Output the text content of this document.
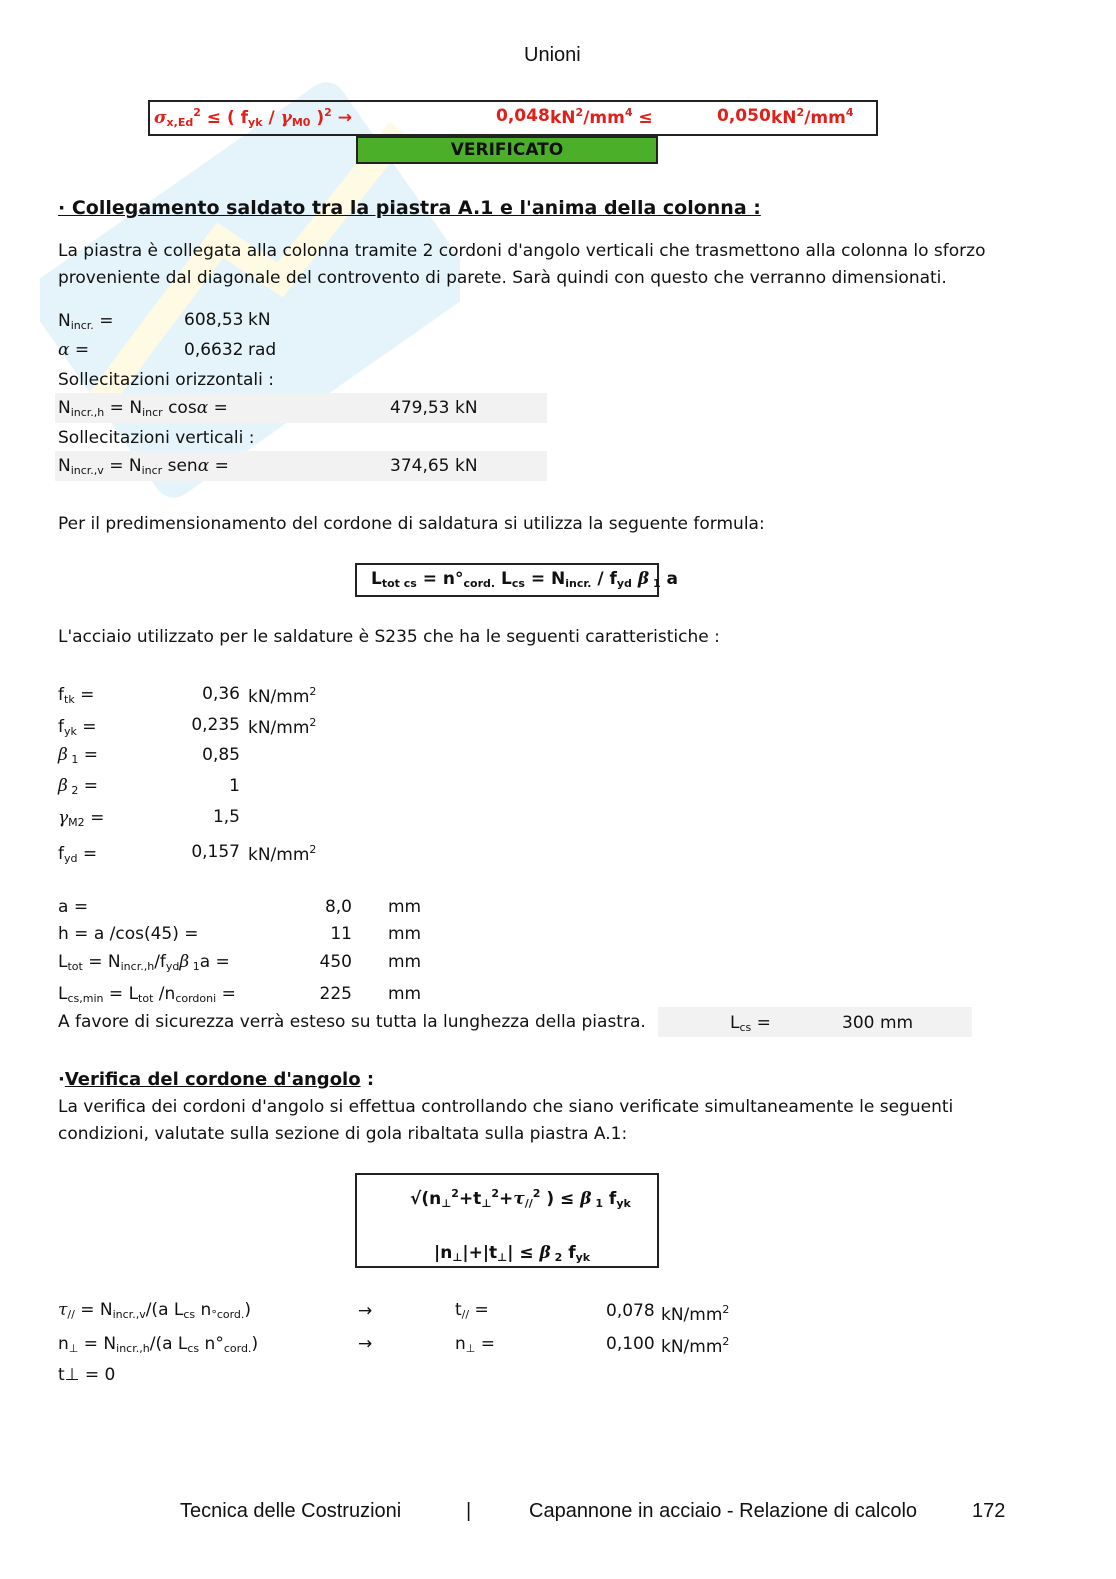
Unioni
$\sigma_{x,Ed}^2$ ≤ ( $f_{yk} / \gamma_{M0}$ )$^2$ →	0,048 $kN^2/mm^4$ ≤	0,050 $kN^2/mm^4$
VERIFICATO
· Collegamento saldato tra la piastra A.1 e l'anima della colonna :
La piastra è collegata alla colonna tramite 2 cordoni d'angolo verticali che trasmettono alla colonna lo sforzo
proveniente dal diagonale del controvento di parete. Sarà quindi con questo che verranno dimensionati.
$N_{incr.}$ =	608,53 kN
α =	0,6632 rad
Sollecitazioni orizzontali :
$N_{incr.,h} = N_{incr}$ cosα =	479,53 kN
Sollecitazioni verticali :
$N_{incr.,v} = N_{incr}$ senα =	374,65 kN
Per il predimensionamento del cordone di saldatura si utilizza la seguente formula:
$L_{tot cs} = n^\circ_{cord.}$ $L_{cs} = N_{incr.} / f_{yd}$ β $_1$ a
L'acciaio utilizzato per le saldature è S235 che ha le seguenti caratteristiche :
$f_{tk}$ =	0,36 $kN/mm^2$
$f_{yk}$ =	0,235 $kN/mm^2$
β $_1$ =	0,85
β $_2$ =	1
$\gamma_{M2}$ =	1,5
$f_{yd}$ =	0,157 $kN/mm^2$
a =	8,0 mm
h = a /cos(45) =	11 mm
$L_{tot} = N_{incr.,h}/f_{yd}\beta$ $_1$a =	450 mm
$L_{cs,min} = L_{tot}$ $/n_{cordoni}$ =	225 mm
A favore di sicurezza verrà esteso su tutta la lunghezza della piastra.	$L_{cs}$ =	300 mm
·Verifica del cordone d'angolo :
La verifica dei cordoni d'angolo si effettua controllando che siano verificate simultaneamente le seguenti
condizioni, valutate sulla sezione di gola ribaltata sulla piastra A.1:
$√(n_\perp^2+t_\perp^2+\tau_{//}^2$ ) ≤ β $_1$ $f_{yk}$
$|n_\perp|+|t_\perp| \le \beta$ $_2$ $f_{yk}$
$\tau_{//} = N_{incr.,v}/(a$ $L_{cs}$ $n_{^\circ cord.}$)	→	$t_{//}$ =	0,078 $kN/mm^2$
$n_\perp = N_{incr.,h}/(a$ $L_{cs}$ $n^\circ_{cord.}$)	→	$n_\perp$ =	0,100 $kN/mm^2$
t⊥ = 0
Tecnica delle Costruzioni	|	Capannone in acciaio - Relazione di calcolo	172
